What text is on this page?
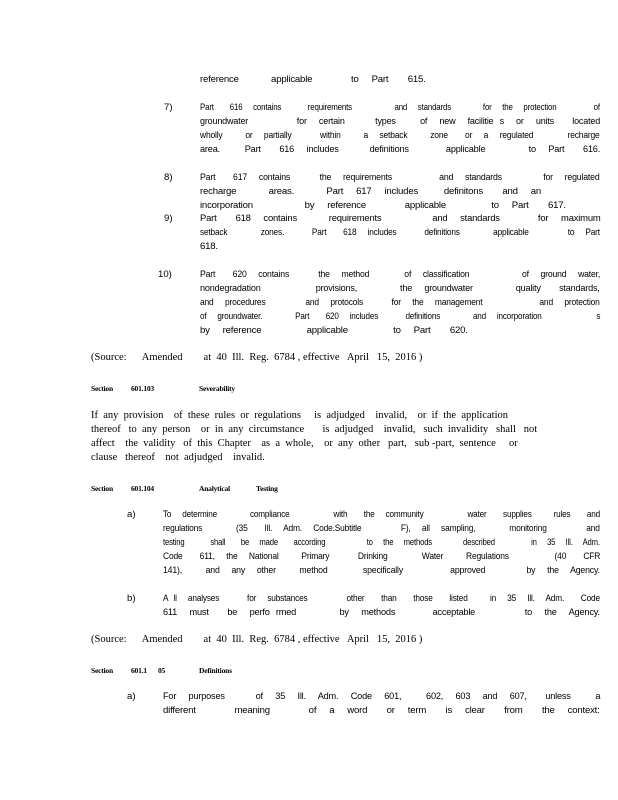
reference     applicable      to  Part   615.
7)	Part   616  contains     requirements        and  standards      for  the  protection       of
groundwater        for  certain     types    of  new  facilitie s  or  units   located
wholly    or  partially     within    a  setback    zone   or  a  regulated      recharge
area.    Part   616  includes     definitions      applicable       to  Part   616.
8)	Part   617  contains     the  requirements        and  standards       for  regulated
recharge     areas.     Part  617  includes    definitons   and  an
incorporation        by  reference      applicable       to  Part   617.
9)	Part   618  contains     requirements        and  standards      for  maximum
setback      zones.     Part   618  includes     definitions      applicable       to  Part
618.
10)	Part   620  contains     the  method      of  classification         of  ground  water,
nondegradation         provisions,       the  groundwater       quality   standards,
and  procedures       and  protocols     for  the  management          and  protection
of  groundwater.      Part   620  includes     definitions      and  incorporation          s
by  reference       applicable       to  Part   620.
(Source:      Amended        at  40  Ill.  Reg.  6784 , effective   April   15,  2016 )
Section 601.103	Severability
If  any  provision    of  these  rules  or  regulations     is  adjudged    invalid,    or  if  the  application
thereof   to  any  person    or  in  any  circumstance       is  adjudged    invalid,   such  invalidity   shall   not
affect    the  validity   of  this  Chapter    as  a  whole,    or  any  other   part,   sub -part,  sentence     or
clause   thereof    not  adjudged    invalid.
Section 601.104	Analytical	Testing
a)	To  determine      compliance        with   the  community        water   supplies    rules   and
regulations      (35   Ill.  Adm.  Code.Subtitle       F),  all  sampling,      monitoring       and
testing     shall   be  made   according        to  the  methods      described       in  35  Ill.  Adm.
Code   611,  the  National    Primary     Drinking      Water    Regulations        (40   CFR
141),    and  any  other    method      specifically        approved       by  the  Agency.
b)	A ll  analyses     for  substances       other   than   those   listed    in  35  Ill.  Adm.   Code
611  must   be  perfo rmed       by  methods      acceptable        to  the  Agency.
(Source:      Amended        at  40  Ill.  Reg.  6784 , effective   April   15,  2016 )
Section 601.1 05	Definitions
a)	For  purposes     of  35  Ill.  Adm.  Code  601,    602,  603  and  607,   unless    a
different      meaning      of  a  word   or  term   is  clear   from   the  context:
